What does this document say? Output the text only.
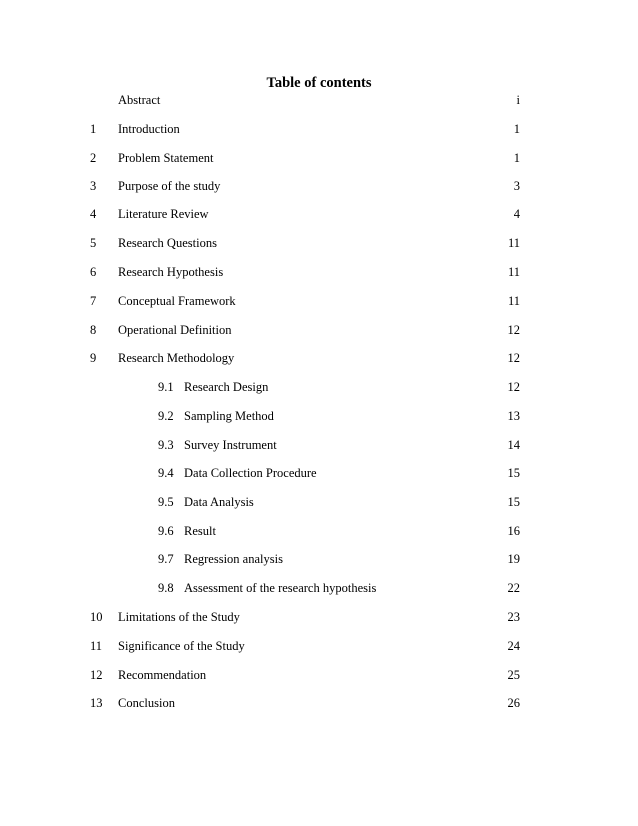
Table of contents
Abstract	i
1 Introduction	1
2 Problem Statement	1
3 Purpose of the study	3
4 Literature Review	4
5 Research Questions	11
6 Research Hypothesis	11
7 Conceptual Framework	11
8 Operational Definition	12
9 Research Methodology	12
9.1 Research Design	12
9.2 Sampling Method	13
9.3 Survey Instrument	14
9.4 Data Collection Procedure	15
9.5 Data Analysis	15
9.6 Result	16
9.7 Regression analysis	19
9.8 Assessment of the research hypothesis	22
10 Limitations of the Study	23
11 Significance of the Study	24
12 Recommendation	25
13 Conclusion	26
